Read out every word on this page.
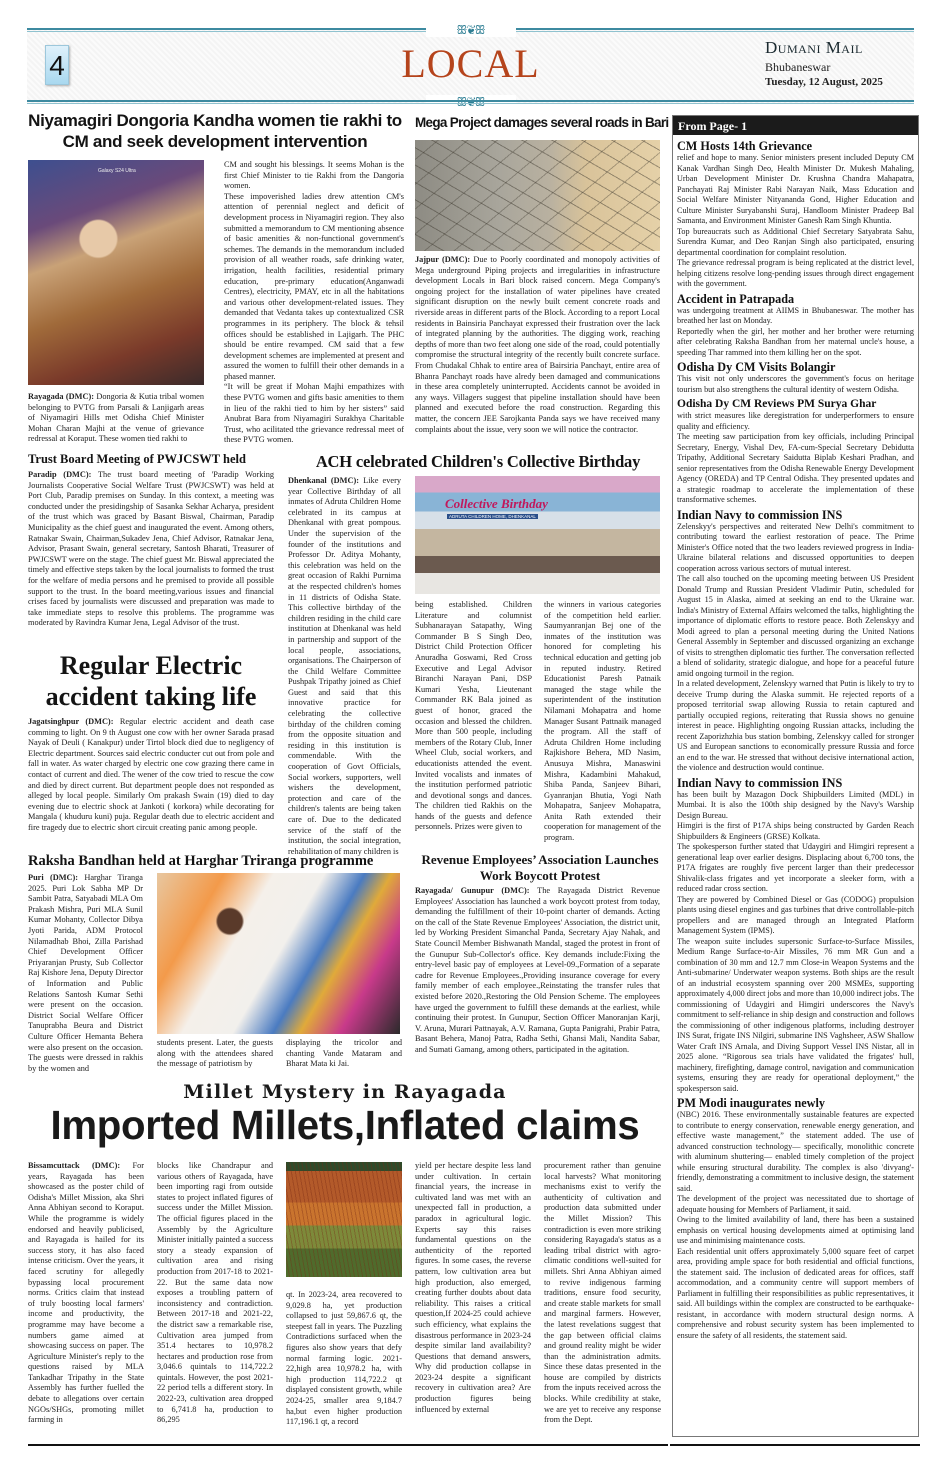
ꕥ❦ꕥ
4	LOCAL	Dumani Mail
Bhubaneswar
Tuesday, 12 August, 2025
ꕥ❦ꕥ
Niyamagiri Dongoria Kandha women tie rakhi to CM and seek development intervention
Galaxy S24 Ultra
Rayagada (DMC): Dongoria & Kutia tribal women belonging to PVTG from Parsali & Lanjigarh areas of Niyamagiri Hills met Odisha Chief Minister Mohan Charan Majhi at the venue of grievance redressal at Koraput. These women tied rakhi to

CM and sought his blessings. It seems Mohan is the first Chief Minister to tie Rakhi from the Dangoria women.

These impoverished ladies drew attention CM's attention of perennial neglect and deficit of development process in Niyamagiri region. They also submitted a memorandum to CM mentioning absence of basic amenities & non-functional government's schemes. The demands in the memorandum included provision of all weather roads, safe drinking water, irrigation, health facilities, residential primary education, pre-primary education(Anganwadi Centres), electricity, PMAY, etc in all the habitations and various other development-related issues. They demanded that Vedanta takes up contextualized CSR programmes in its periphery. The block & tehsil offices should be established in Lajigarh. The PHC should be entire revamped. CM said that a few development schemes are implemented at present and assured the women to fulfill their other demands in a phased manner.

“It will be great if Mohan Majhi empathizes with these PVTG women and gifts basic amenities to them in lieu of the rakhi tied to him by her sisters” said Anubrat Bara from Niyamagiri Surakhya Charitable Trust, who acilitated tthe grievance redressal meet of these PVTG women.

Mega Project damages several roads in Bari
Jajpur (DMC): Due to Poorly coordinated and monopoly activities of Mega underground Piping projects and irregularities in infrastructure development Locals in Bari block raised concern. Mega Company's ongoing project for the installation of water pipelines have created significant disruption on the newly built cement concrete roads and riverside areas in different parts of the Block. According to a report Local residents in Bainsiria Panchayat expressed their frustration over the lack of integrated planning by the authorities. The digging work, reaching depths of more than two feet along one side of the road, could potentially compromise the structural integrity of the recently built concrete surface. From Chudakal Chhak to entire area of Bairsiria Panchayt, entire area of Bhanra Panchayt roads have alredy been damaged and communications in these area completely uninterrupted. Accidents cannot be avoided in any ways. Villagers suggest that pipeline installation should have been planned and executed before the road construction. Regarding this matter, the concern JEE Sarojkanta Panda says we have received many complaints about the issue, very soon we will notice the contractor.
From Page- 1
CM Hosts 14th Grievance

relief and hope to many. Senior ministers present included Deputy CM Kanak Vardhan Singh Deo, Health Minister Dr. Mukesh Mahaling, Urban Development Minister Dr. Krushna Chandra Mahapatra, Panchayati Raj Minister Rabi Narayan Naik, Mass Education and Social Welfare Minister Nityananda Gond, Higher Education and Culture Minister Suryabanshi Suraj, Handloom Minister Pradeep Bal Samanta, and Environment Minister Ganesh Ram Singh Khuntia.

Top bureaucrats such as Additional Chief Secretary Satyabrata Sahu, Surendra Kumar, and Deo Ranjan Singh also participated, ensuring departmental coordination for complaint resolution.

The grievance redressal program is being replicated at the district level, helping citizens resolve long-pending issues through direct engagement with the government.

Accident in Patrapada

was undergoing treatment at AIIMS in Bhubaneswar. The mother has breathed her last on Monday.

Reportedly when the girl, her mother and her brother were returning after celebrating Raksha Bandhan from her maternal uncle's house, a speeding Thar rammed into them killing her on the spot.

Odisha Dy CM Visits Bolangir

This visit not only underscores the government's focus on heritage tourism but also strengthens the cultural identity of western Odisha.

Odisha Dy CM Reviews PM Surya Ghar

with strict measures like deregistration for underperformers to ensure quality and efficiency.

The meeting saw participation from key officials, including Principal Secretary, Energy, Vishal Dev, FA-cum-Special Secretary Debidutta Tripathy, Additional Secretary Saidutta Biplab Keshari Pradhan, and senior representatives from the Odisha Renewable Energy Development Agency (OREDA) and TP Central Odisha. They presented updates and a strategic roadmap to accelerate the implementation of these transformative schemes.

Indian Navy to commission INS

Zelenskyy's perspectives and reiterated New Delhi's commitment to contributing toward the earliest restoration of peace. The Prime Minister's Office noted that the two leaders reviewed progress in India-Ukraine bilateral relations and discussed opportunities to deepen cooperation across various sectors of mutual interest.

The call also touched on the upcoming meeting between US President Donald Trump and Russian President Vladimir Putin, scheduled for August 15 in Alaska, aimed at seeking an end to the Ukraine war. India's Ministry of External Affairs welcomed the talks, highlighting the importance of diplomatic efforts to restore peace. Both Zelenskyy and Modi agreed to plan a personal meeting during the United Nations General Assembly in September and discussed organizing an exchange of visits to strengthen diplomatic ties further. The conversation reflected a blend of solidarity, strategic dialogue, and hope for a peaceful future amid ongoing turmoil in the region.

In a related development, Zelenskyy warned that Putin is likely to try to deceive Trump during the Alaska summit. He rejected reports of a proposed territorial swap allowing Russia to retain captured and partially occupied regions, reiterating that Russia shows no genuine interest in peace. Highlighting ongoing Russian attacks, including the recent Zaporizhzhia bus station bombing, Zelenskyy called for stronger US and European sanctions to economically pressure Russia and force an end to the war. He stressed that without decisive international action, the violence and destruction would continue.

Indian Navy to commission INS

has been built by Mazagon Dock Shipbuilders Limited (MDL) in Mumbai. It is also the 100th ship designed by the Navy's Warship Design Bureau.

Himgiri is the first of P17A ships being constructed by Garden Reach Shipbuilders & Engineers (GRSE) Kolkata.

The spokesperson further stated that Udaygiri and Himgiri represent a generational leap over earlier designs. Displacing about 6,700 tons, the P17A frigates are roughly five percent larger than their predecessor Shivalik-class frigates and yet incorporate a sleeker form, with a reduced radar cross section.

They are powered by Combined Diesel or Gas (CODOG) propulsion plants using diesel engines and gas turbines that drive controllable-pitch propellers and are managed through an Integrated Platform Management System (IPMS).

The weapon suite includes supersonic Surface-to-Surface Missiles, Medium Range Surface-to-Air Missiles, 76 mm MR Gun and a combination of 30 mm and 12.7 mm Close-in Weapon Systems and the Anti-submarine/ Underwater weapon systems. Both ships are the result of an industrial ecosystem spanning over 200 MSMEs, supporting approximately 4,000 direct jobs and more than 10,000 indirect jobs. The commissioning of Udaygiri and Himgiri underscores the Navy's commitment to self-reliance in ship design and construction and follows the commissioning of other indigenous platforms, including destroyer INS Surat, frigate INS Nilgiri, submarine INS Vaghsheer, ASW Shallow Water Craft INS Arnala, and Diving Support Vessel INS Nistar, all in 2025 alone. “Rigorous sea trials have validated the frigates' hull, machinery, firefighting, damage control, navigation and communication systems, ensuring they are ready for operational deployment,” the spokesperson said.

PM Modi inaugurates newly

(NBC) 2016. These environmentally sustainable features are expected to contribute to energy conservation, renewable energy generation, and effective waste management,” the statement added. The use of advanced construction technology— specifically, monolithic concrete with aluminum shuttering— enabled timely completion of the project while ensuring structural durability. The complex is also 'divyang'-friendly, demonstrating a commitment to inclusive design, the statement said.

The development of the project was necessitated due to shortage of adequate housing for Members of Parliament, it said.

Owing to the limited availability of land, there has been a sustained emphasis on vertical housing developments aimed at optimising land use and minimising maintenance costs.

Each residential unit offers approximately 5,000 square feet of carpet area, providing ample space for both residential and official functions, the statement said. The inclusion of dedicated areas for offices, staff accommodation, and a community centre will support members of Parliament in fulfilling their responsibilities as public representatives, it said. All buildings within the complex are constructed to be earthquake-resistant, in accordance with modern structural design norms. A comprehensive and robust security system has been implemented to ensure the safety of all residents, the statement said.

Trust Board Meeting of PWJCSWT held
Paradip (DMC): The trust board meeting of 'Paradip Working Journalists Cooperative Social Welfare Trust (PWJCSWT) was held at Port Club, Paradip premises on Sunday. In this context, a meeting was conducted under the presidingship of Sasanka Sekhar Acharya, president of the trust which was graced by Basant Biswal, Chairman, Paradip Municipality as the chief guest and inaugurated the event. Among others, Ratnakar Swain, Chairman,Sukadev Jena, Chief Advisor, Ratnakar Jena, Advisor, Prasant Swain, general secretary, Santosh Bharati, Treasurer of PWJCSWT were on the stage. The chief guest Mr. Biswal appreciated the timely and effective steps taken by the local journalists to formed the trust for the welfare of media persons and he premised to provide all possible support to the trust. In the board meeting,various issues and financial crises faced by journalists were discussed and preparation was made to take immediate steps to resolve this problems. The programme was moderated by Ravindra Kumar Jena, Legal Advisor of the trust.
Regular Electric accident taking life
Jagatsinghpur (DMC): Regular electric accident and death case comming to light. On 9 th August one cow with her owner Sarada prasad Nayak of Deuli ( Kanakpur) under Tirtol block died due to negligency of Electric department. Sources said electric conducter cut out from pole and fall in water. As water charged by electric one cow grazing there came in contact of current and died. The wener of the cow tried to rescue the cow and died by direct current. But department people does not responded as alleged by local people. Similarly Om prakash Swain (19) died to day evening due to electric shock at Jankoti ( korkora) while decorating for Mangala ( khuduru kuni) puja. Regular death due to electric accident and fire tragedy due to electric short circuit creating panic among people.
ACH celebrated Children's Collective Birthday
Dhenkanal (DMC): Like every year Collective Birthday of all inmates of Adruta Children Home celebrated in its campus at Dhenkanal with great pompous. Under the supervision of the founder of the institutions and Professor Dr. Aditya Mohanty, this celebration was held on the great occasion of Rakhi Purnima at the respected children's homes in 11 districts of Odisha State. This collective birthday of the children residing in the child care institution at Dhenkanal was held in partnership and support of the local people, associations, organisations. The Chairperson of the Child Welfare Committee Pushpak Tripathy joined as Chief Guest and said that this innovative practice for celebrating the collective birthday of the children coming from the opposite situation and residing in this institution is commendable. With the cooperation of Govt Officials, Social workers, supporters, well wishers the development, protection and care of the children's talents are being taken care of. Due to the dedicated service of the staff of the institution, the social integration, rehabilitation of many children is
Collective Birthday
ADRUTA CHILDREN HOME, DHENKANAL
being established. Children Literature and columnist Subhanarayan Satapathy, Wing Commander B S Singh Deo, District Child Protection Officer Anuradha Goswami, Red Cross Executive and Legal Advisor Biranchi Narayan Pani, DSP Kumari Yesha, Lieutenant Commander RK Bala joined as guest of honor, graced the occasion and blessed the children. More than 500 people, including members of the Rotary Club, Inner Wheel Club, social workers, and educationists attended the event. Invited vocalists and inmates of the institution performed patriotic and devotional songs and dances. The children tied Rakhis on the hands of the guests and defence personnels. Prizes were given to
the winners in various categories of the competition held earlier. Saumyanranjan Bej one of the inmates of the institution was honored for completing his technical education and getting job in reputed industry. Retired Educationist Paresh Patnaik managed the stage while the superintendent of the institution Nilamani Mohapatra and home Manager Susant Pattnaik managed the program. All the staff of Adruta Children Home including Rajkishore Behera, MD Nasim, Anusuya Mishra, Manaswini Mishra, Kadambini Mahakud, Shiba Panda, Sanjeev Bihari, Gyanranjan Bhutia, Yogi Nath Mohapatra, Sanjeev Mohapatra, Anita Rath extended their cooperation for management of the program.
Raksha Bandhan held at Harghar Triranga programme
Puri (DMC): Harghar Tiranga 2025. Puri Lok Sabha MP Dr Sambit Patra, Satyabadi MLA Om Prakash Mishra, Puri MLA Sunil Kumar Mohanty, Collector Dibya Jyoti Parida, ADM Protocol Nilamadhab Bhoi, Zilla Parishad Chief Development Officer Priyaranjan Prusty, Sub Collector Raj Kishore Jena, Deputy Director of Information and Public Relations Santosh Kumar Sethi were present on the occasion. District Social Welfare Officer Tanuprabha Beura and District Culture Officer Hemanta Behera were also present on the occasion. The guests were dressed in rakhis by the women and
students present. Later, the guests along with the attendees shared the message of patriotism by
displaying the tricolor and chanting Vande Mataram and Bharat Mata ki Jai.
Revenue Employees’ Association Launches Work Boycott Protest
Rayagada/ Gunupur (DMC): The Rayagada District Revenue Employees' Association has launched a work boycott protest from today, demanding the fulfillment of their 10-point charter of demands. Acting on the call of the State Revenue Employees' Association, the district unit, led by Working President Simanchal Panda, Secretary Ajay Nahak, and State Council Member Bishwanath Mandal, staged the protest in front of the Gunupur Sub-Collector's office. Key demands include:Fixing the entry-level basic pay of employees at Level-09.,Formation of a separate cadre for Revenue Employees.,Providing insurance coverage for every family member of each employee.,Reinstating the transfer rules that existed before 2020.,Restoring the Old Pension Scheme. The employees have urged the government to fulfill these demands at the earliest, while continuing their protest. In Gunupur, Section Officer Manoranjan Karji, V. Aruna, Murari Pattnayak, A.V. Ramana, Gupta Panigrahi, Prabir Patra, Basant Behera, Manoj Patra, Radha Sethi, Ghansi Mali, Nandita Sabar, and Sumati Gamang, among others, participated in the agitation.
Millet Mystery in Rayagada
Imported Millets,Inflated claims
Bissamcuttack (DMC): For years, Rayagada has been showcased as the poster child of Odisha's Millet Mission, aka Shri Anna Abhiyan second to Koraput. While the programme is widely endorsed and heavily publicised, and Rayagada is hailed for its success story, it has also faced intense criticism. Over the years, it faced scrutiny for allegedly bypassing local procurement norms. Critics claim that instead of truly boosting local farmers' income and productivity, the programme may have become a numbers game aimed at showcasing success on paper. The Agriculture Minister's reply to the questions raised by MLA Tankadhar Tripathy in the State Assembly has further fuelled the debate to allegations over certain NGOs/SHGs, promoting millet farming in
blocks like Chandrapur and various others of Rayagada, have been importing ragi from outside states to project inflated figures of success under the Millet Mission. The official figures placed in the Assembly by the Agriculture Minister initially painted a success story a steady expansion of cultivation area and rising production from 2017-18 to 2021-22. But the same data now exposes a troubling pattern of inconsistency and contradiction. Between 2017-18 and 2021-22, the district saw a remarkable rise, Cultivation area jumped from 351.4 hectares to 10,978.2 hectares and production rose from 3,046.6 quintals to 114,722.2 quintals. However, the post 2021-22 period tells a different story. In 2022-23, cultivation area dropped to 6,741.8 ha, production to 86,295
qt. In 2023-24, area recovered to 9,029.8 ha, yet production collapsed to just 59,867.6 qt, the steepest fall in years. The Puzzling Contradictions surfaced when the figures also show years that defy normal farming logic. 2021-22,high area 10,978.2 ha, with high production 114,722.2 qt displayed consistent growth, while 2024-25, smaller area 9,184.7 ha,but even higher production 117,196.1 qt, a record
yield per hectare despite less land under cultivation. In certain financial years, the increase in cultivated land was met with an unexpected fall in production, a paradox in agricultural logic. Experts say this raises fundamental questions on the authenticity of the reported figures. In some cases, the reverse pattern, low cultivation area but high production, also emerged, creating further doubts about data reliability. This raises a critical question,If 2024-25 could achieve such efficiency, what explains the disastrous performance in 2023-24 despite similar land availability? Questions that demand answers, Why did production collapse in 2023-24 despite a significant recovery in cultivation area? Are production figures being influenced by external
procurement rather than genuine local harvests? What monitoring mechanisms exist to verify the authenticity of cultivation and production data submitted under the Millet Mission? This contradiction is even more striking considering Rayagada's status as a leading tribal district with agro-climatic conditions well-suited for millets. Shri Anna Abhiyan aimed to revive indigenous farming traditions, ensure food security, and create stable markets for small and marginal farmers. However, the latest revelations suggest that the gap between official claims and ground reality might be wider than the administration admits. Since these datas presented in the house are compiled by districts from the inputs received across the blocks. While credibility at stake, we are yet to receive any response from the Dept.
